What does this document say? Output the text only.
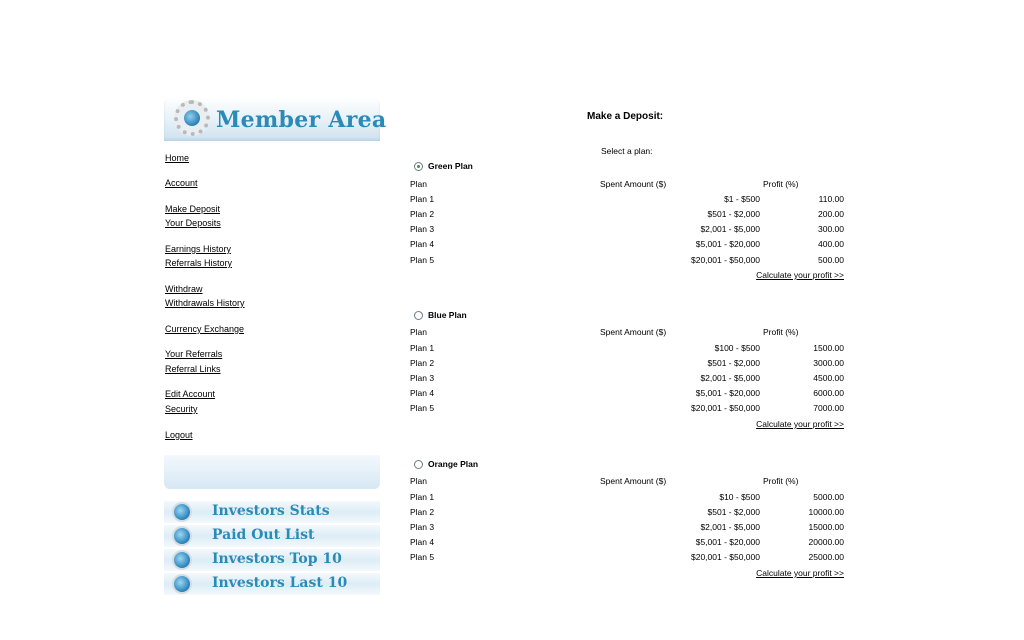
Member Area
Home
Account
Make Deposit
Your Deposits
Earnings History
Referrals History
Withdraw
Withdrawals History
Currency Exchange
Your Referrals
Referral Links
Edit Account
Security
Logout
Investors Stats
Paid Out List
Investors Top 10
Investors Last 10
Make a Deposit:
Select a plan:
Green Plan
Plan	Spent Amount ($)	Profit (%)
Plan 1	$1 - $500	110.00
Plan 2	$501 - $2,000	200.00
Plan 3	$2,001 - $5,000	300.00
Plan 4	$5,001 - $20,000	400.00
Plan 5	$20,001 - $50,000	500.00
Calculate your profit >>
Blue Plan
Plan	Spent Amount ($)	Profit (%)
Plan 1	$100 - $500	1500.00
Plan 2	$501 - $2,000	3000.00
Plan 3	$2,001 - $5,000	4500.00
Plan 4	$5,001 - $20,000	6000.00
Plan 5	$20,001 - $50,000	7000.00
Calculate your profit >>
Orange Plan
Plan	Spent Amount ($)	Profit (%)
Plan 1	$10 - $500	5000.00
Plan 2	$501 - $2,000	10000.00
Plan 3	$2,001 - $5,000	15000.00
Plan 4	$5,001 - $20,000	20000.00
Plan 5	$20,001 - $50,000	25000.00
Calculate your profit >>
